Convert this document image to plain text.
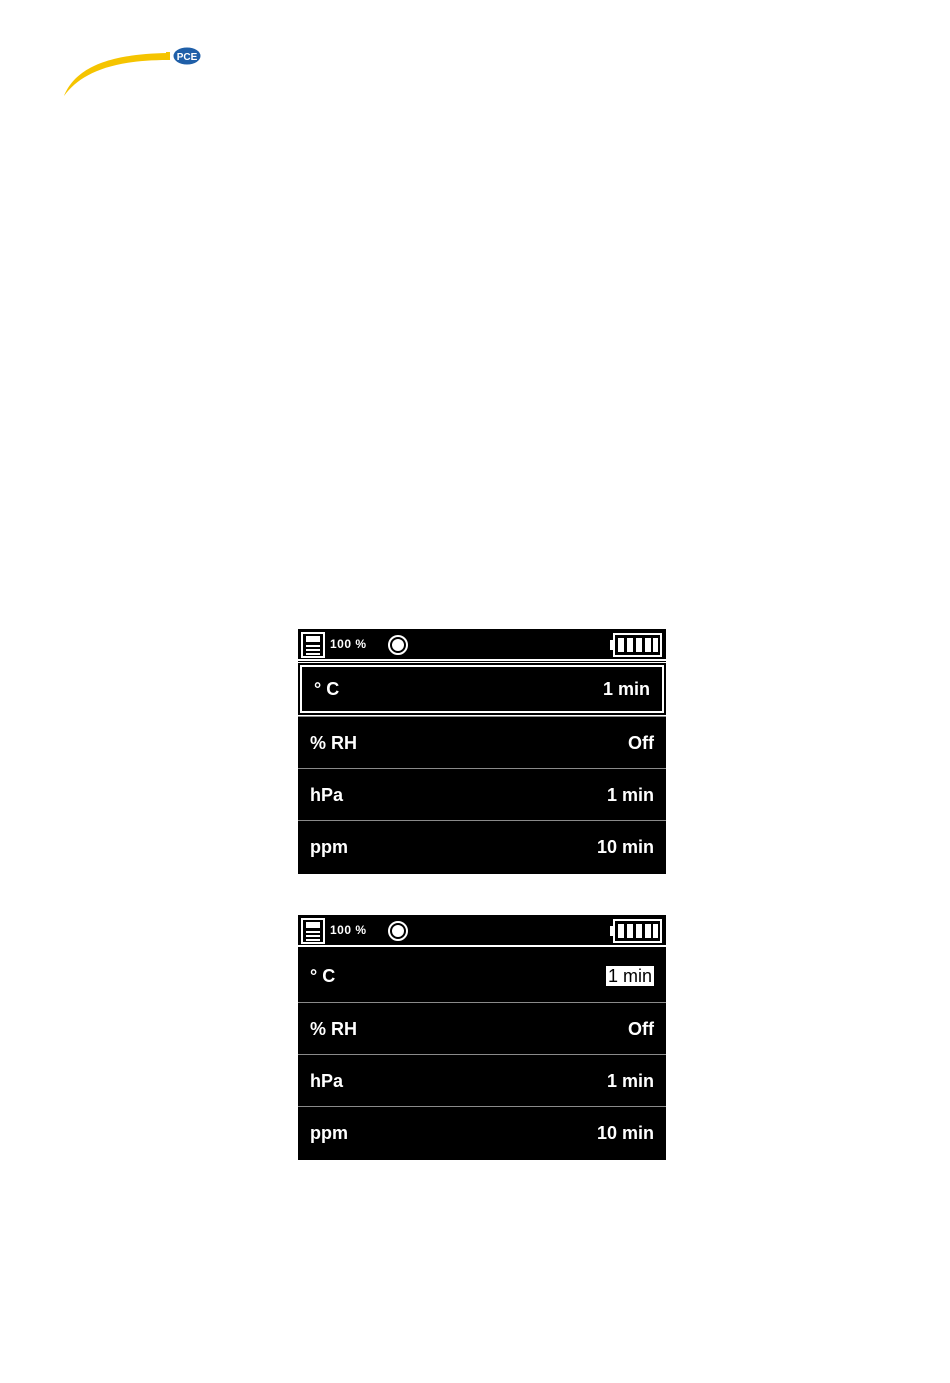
PCE
100 %
° C	1 min
% RH	Off
hPa	1 min
ppm	10 min
100 %
° C	1 min
% RH	Off
hPa	1 min
ppm	10 min
